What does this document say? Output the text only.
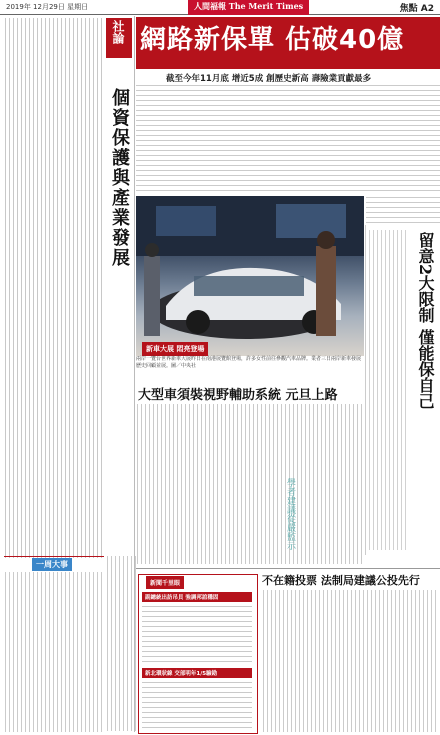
2019年 12月29日 星期日	人間福報 The Merit Times	焦點 A2
社論
個資保護與產業發展
網路新保單 估破40億
截至今年11月底 增近5成 創歷史新高 壽險業貢獻最多
新車大展 悶亮登場
兩岸一覽台世界新車大展昨日在南港展覽館登場，許多女性前往參觀汽車品牌。業者三日兩岸新車發展歷史回顧並展。圖／中央社	留意2大限制 僅能保自己
大型車須裝視野輔助系統 元旦上路
學者建議從嚴監示
一周大事
新聞千里眼
副總統出訪吊貝 強調邦誼穩固
新北環狀線 交部明年1/5驗勘
不在籍投票 法制局建議公投先行
